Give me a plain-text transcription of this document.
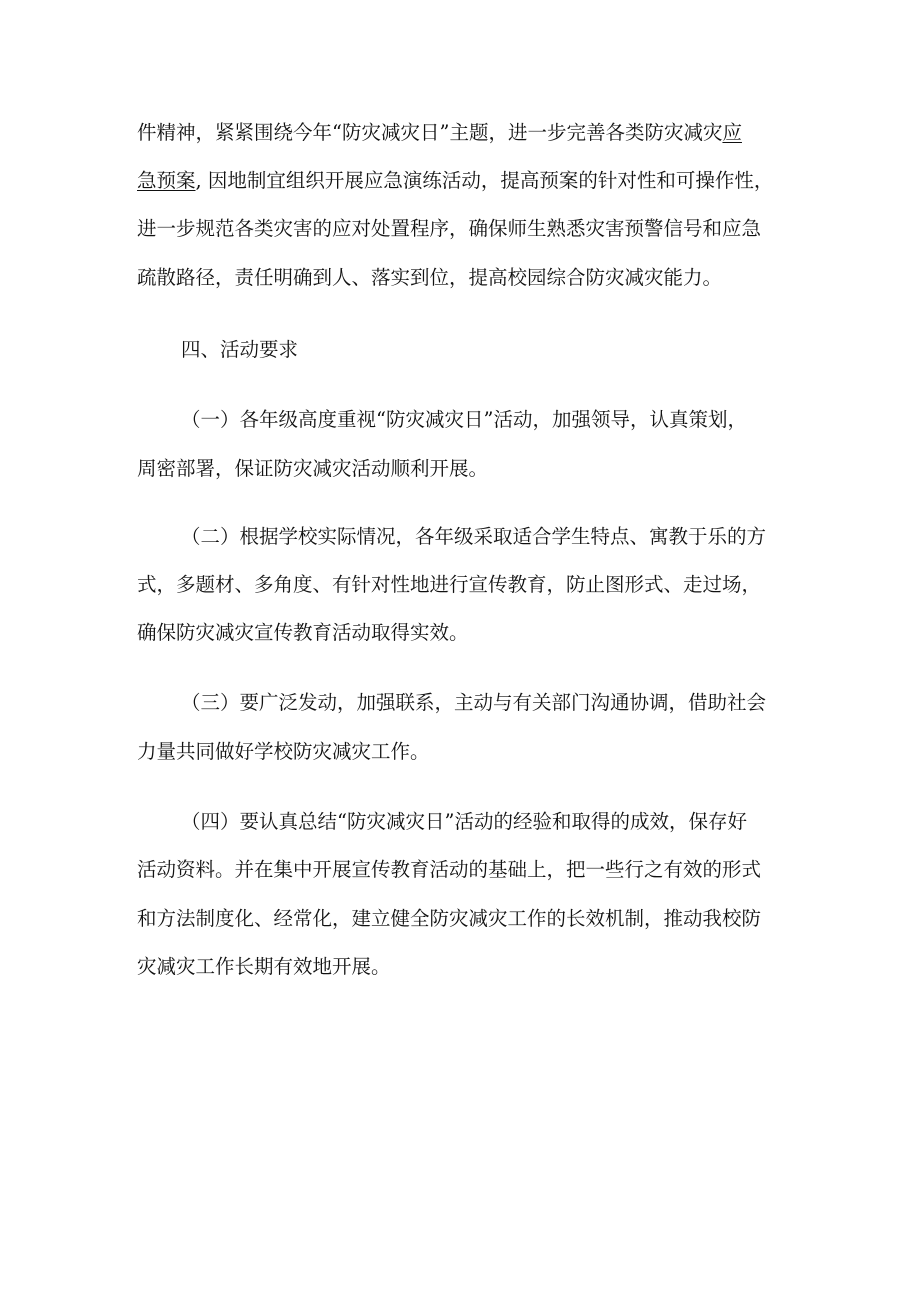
件精神，紧紧围绕今年“防灾减灾日”主题，进一步完善各类防灾减灾应
急预案, 因地制宜组织开展应急演练活动，提高预案的针对性和可操作性，
进一步规范各类灾害的应对处置程序，确保师生熟悉灾害预警信号和应急
疏散路径，责任明确到人、落实到位，提高校园综合防灾减灾能力。
四、活动要求
（一）各年级高度重视“防灾减灾日”活动，加强领导，认真策划，
周密部署，保证防灾减灾活动顺利开展。
（二）根据学校实际情况，各年级采取适合学生特点、寓教于乐的方
式，多题材、多角度、有针对性地进行宣传教育，防止图形式、走过场，
确保防灾减灾宣传教育活动取得实效。
（三）要广泛发动，加强联系，主动与有关部门沟通协调，借助社会
力量共同做好学校防灾减灾工作。
（四）要认真总结“防灾减灾日”活动的经验和取得的成效，保存好
活动资料。并在集中开展宣传教育活动的基础上，把一些行之有效的形式
和方法制度化、经常化，建立健全防灾减灾工作的长效机制，推动我校防
灾减灾工作长期有效地开展。
